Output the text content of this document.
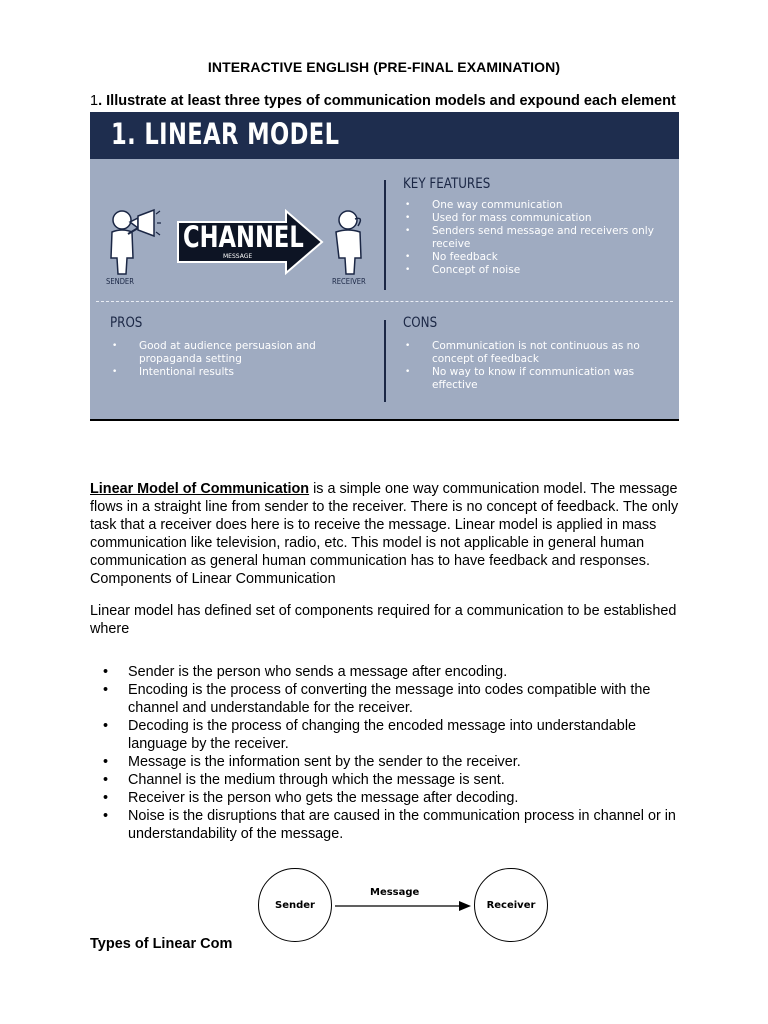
INTERACTIVE ENGLISH (PRE-FINAL EXAMINATION)
1. Illustrate at least three types of communication models and expound each element
1. LINEAR MODEL
SENDER
CHANNEL
MESSAGE
RECEIVER
KEY FEATURES
• One way communication
• Used for mass communication
• Senders send message and receivers only receive
• No feedback
• Concept of noise
PROS
• Good at audience persuasion and propaganda setting
• Intentional results
CONS
• Communication is not continuous as no concept of feedback
• No way to know if communication was effective

Linear Model of Communication is a simple one way communication model. The message flows in a straight line from sender to the receiver. There is no concept of feedback. The only task that a receiver does here is to receive the message. Linear model is applied in mass communication like television, radio, etc. This model is not applicable in general human communication as general human communication has to have feedback and responses. Components of Linear Communication

Linear model has defined set of components required for a communication to be established where

• Sender is the person who sends a message after encoding.
• Encoding is the process of converting the message into codes compatible with the channel and understandable for the receiver.
• Decoding is the process of changing the encoded message into understandable language by the receiver.
• Message is the information sent by the sender to the receiver.
• Channel is the medium through which the message is sent.
• Receiver is the person who gets the message after decoding.
• Noise is the disruptions that are caused in the communication process in channel or in understandability of the message.
Sender
Message
Receiver
Types of Linear Com
